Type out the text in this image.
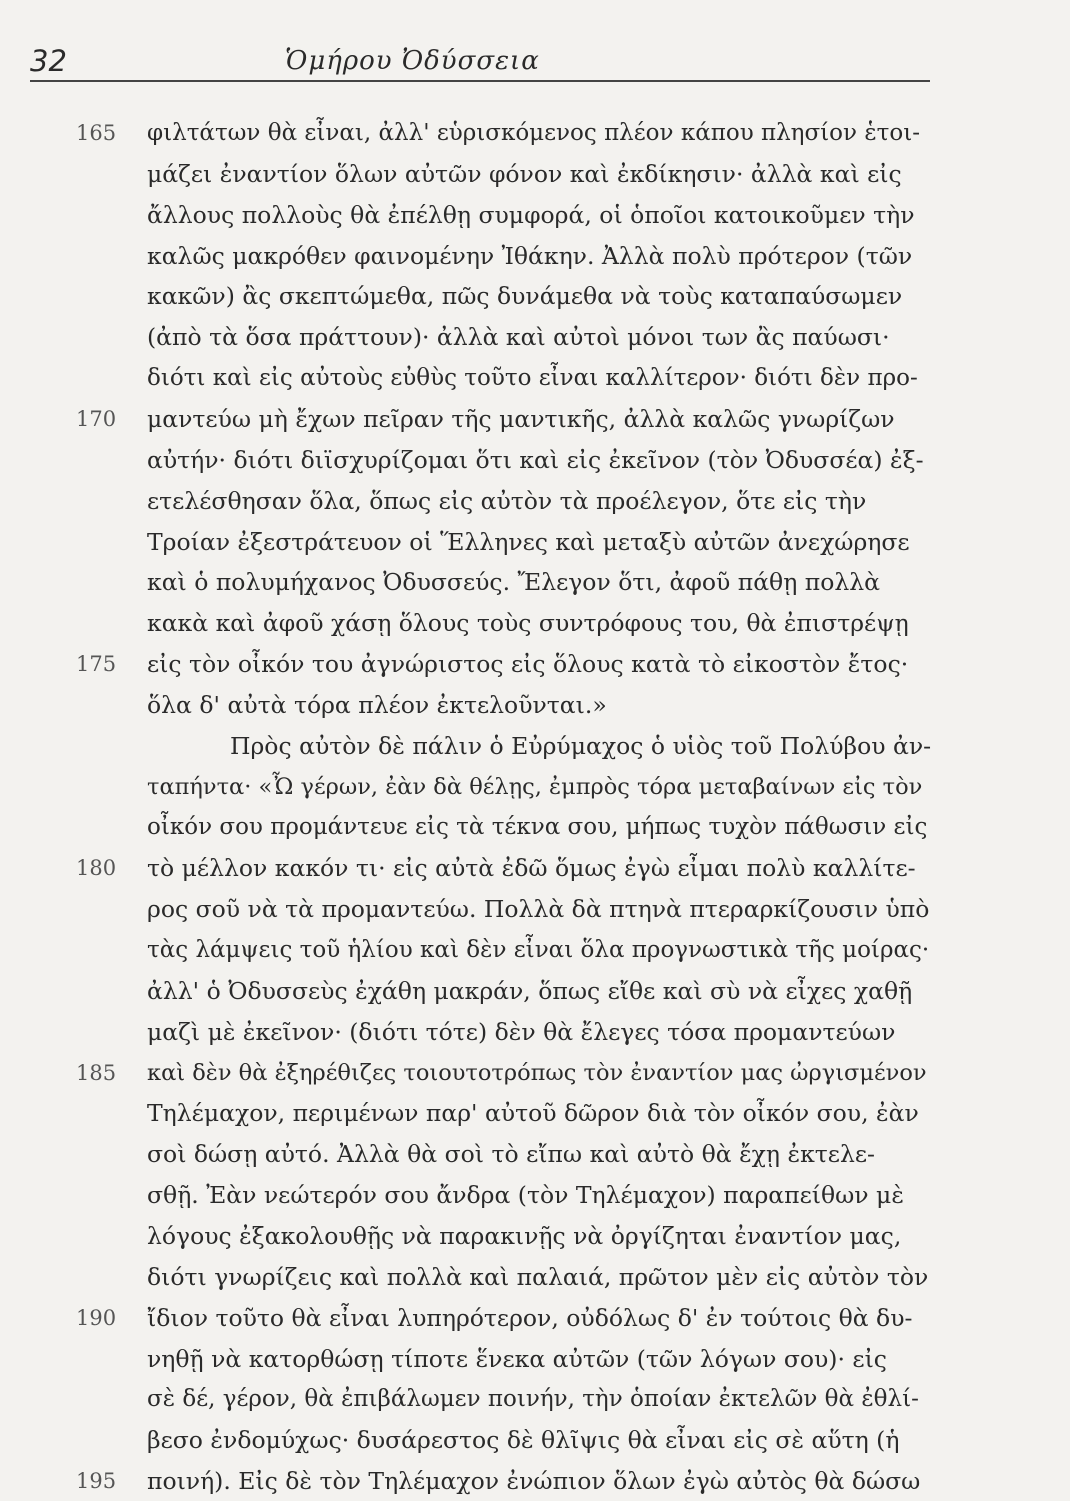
32	Ὁμήρου Ὀδύσσεια
φιλτάτων θὰ εἶναι, ἀλλ' εὑρισκόμενος πλέον κάπου πλησίον ἑτοι-
165
μάζει ἐναντίον ὅλων αὐτῶν φόνον καὶ ἐκδίκησιν· ἀλλὰ καὶ εἰς
ἄλλους πολλοὺς θὰ ἐπέλθῃ συμφορά, οἱ ὁποῖοι κατοικοῦμεν τὴν
καλῶς μακρόθεν φαινομένην Ἰθάκην. Ἀλλὰ πολὺ πρότερον (τῶν
κακῶν) ἂς σκεπτώμεθα, πῶς δυνάμεθα νὰ τοὺς καταπαύσωμεν
(ἀπὸ τὰ ὅσα πράττουν)· ἀλλὰ καὶ αὐτοὶ μόνοι των ἂς παύωσι·
διότι καὶ εἰς αὐτοὺς εὐθὺς τοῦτο εἶναι καλλίτερον· διότι δὲν προ-
μαντεύω μὴ ἔχων πεῖραν τῆς μαντικῆς, ἀλλὰ καλῶς γνωρίζων
170
αὐτήν· διότι διϊσχυρίζομαι ὅτι καὶ εἰς ἐκεῖνον (τὸν Ὀδυσσέα) ἐξ-
ετελέσθησαν ὅλα, ὅπως εἰς αὐτὸν τὰ προέλεγον, ὅτε εἰς τὴν
Τροίαν ἐξεστράτευον οἱ Ἕλληνες καὶ μεταξὺ αὐτῶν ἀνεχώρησε
καὶ ὁ πολυμήχανος Ὀδυσσεύς. Ἔλεγον ὅτι, ἀφοῦ πάθῃ πολλὰ
κακὰ καὶ ἀφοῦ χάσῃ ὅλους τοὺς συντρόφους του, θὰ ἐπιστρέψῃ
εἰς τὸν οἶκόν του ἀγνώριστος εἰς ὅλους κατὰ τὸ εἰκοστὸν ἔτος·
175
ὅλα δ' αὐτὰ τόρα πλέον ἐκτελοῦνται.»
Πρὸς αὐτὸν δὲ πάλιν ὁ Εὐρύμαχος ὁ υἱὸς τοῦ Πολύβου ἀν-
ταπήντα· «Ὦ γέρων, ἐὰν δὰ θέλῃς, ἐμπρὸς τόρα μεταβαίνων εἰς τὸν
οἶκόν σου προμάντευε εἰς τὰ τέκνα σου, μήπως τυχὸν πάθωσιν εἰς
τὸ μέλλον κακόν τι· εἰς αὐτὰ ἐδῶ ὅμως ἐγὼ εἶμαι πολὺ καλλίτε-
180
ρος σοῦ νὰ τὰ προμαντεύω. Πολλὰ δὰ πτηνὰ πτεραρκίζουσιν ὑπὸ
τὰς λάμψεις τοῦ ἡλίου καὶ δὲν εἶναι ὅλα προγνωστικὰ τῆς μοίρας·
ἀλλ' ὁ Ὀδυσσεὺς ἐχάθη μακράν, ὅπως εἴθε καὶ σὺ νὰ εἶχες χαθῇ
μαζὶ μὲ ἐκεῖνον· (διότι τότε) δὲν θὰ ἔλεγες τόσα προμαντεύων
καὶ δὲν θὰ ἐξηρέθιζες τοιουτοτρόπως τὸν ἐναντίον μας ὠργισμένον
185
Τηλέμαχον, περιμένων παρ' αὐτοῦ δῶρον διὰ τὸν οἶκόν σου, ἐὰν
σοὶ δώσῃ αὐτό. Ἀλλὰ θὰ σοὶ τὸ εἴπω καὶ αὐτὸ θὰ ἔχῃ ἐκτελε-
σθῇ. Ἐὰν νεώτερόν σου ἄνδρα (τὸν Τηλέμαχον) παραπείθων μὲ
λόγους ἐξακολουθῇς νὰ παρακινῇς νὰ ὀργίζηται ἐναντίον μας,
διότι γνωρίζεις καὶ πολλὰ καὶ παλαιά, πρῶτον μὲν εἰς αὐτὸν τὸν
ἴδιον τοῦτο θὰ εἶναι λυπηρότερον, οὐδόλως δ' ἐν τούτοις θὰ δυ-
190
νηθῇ νὰ κατορθώσῃ τίποτε ἕνεκα αὐτῶν (τῶν λόγων σου)· εἰς
σὲ δέ, γέρον, θὰ ἐπιβάλωμεν ποινήν, τὴν ὁποίαν ἐκτελῶν θὰ ἐθλί-
βεσο ἐνδομύχως· δυσάρεστος δὲ θλῖψις θὰ εἶναι εἰς σὲ αὕτη (ἡ
ποινή). Εἰς δὲ τὸν Τηλέμαχον ἐνώπιον ὅλων ἐγὼ αὐτὸς θὰ δώσω
195
